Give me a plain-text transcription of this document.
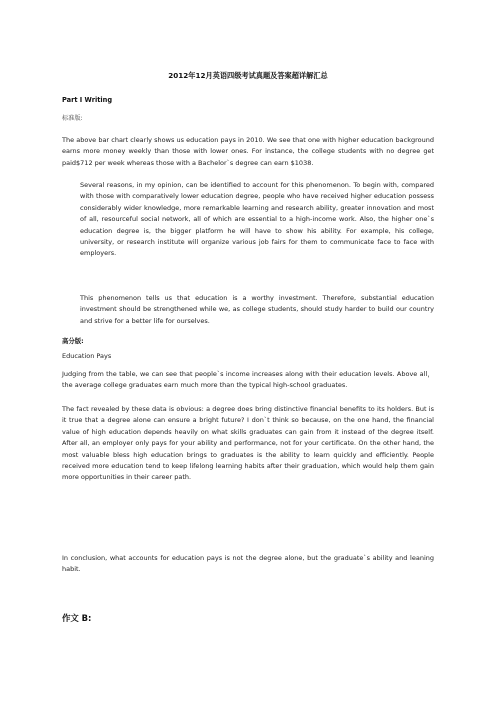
2012年12月英语四级考试真题及答案超详解汇总
Part I Writing
标准版:
The above bar chart clearly shows us education pays in 2010. We see that one with higher education background earns more money weekly than those with lower ones. For instance, the college students with no degree get paid$712 per week whereas those with a Bachelor`s degree can earn $1038.
Several reasons, in my opinion, can be identified to account for this phenomenon. To begin with, compared with those with comparatively lower education degree, people who have received higher education possess considerably wider knowledge, more remarkable learning and research ability, greater innovation and most of all, resourceful social network, all of which are essential to a high-income work. Also, the higher one`s education degree is, the bigger platform he will have to show his ability. For example, his college, university, or research institute will organize various job fairs for them to communicate face to face with employers.
This phenomenon tells us that education is a worthy investment. Therefore, substantial education investment should be strengthened while we, as college students, should study harder to build our country and strive for a better life for ourselves.
高分版:
Education Pays
Judging from the table, we can see that people`s income increases along with their education levels. Above all，the average college graduates earn much more than the typical high-school graduates.
The fact revealed by these data is obvious: a degree does bring distinctive financial benefits to its holders. But is it true that a degree alone can ensure a bright future? I don`t think so because, on the one hand, the financial value of high education depends heavily on what skills graduates can gain from it instead of the degree itself. After all, an employer only pays for your ability and performance, not for your certificate. On the other hand, the most valuable bless high education brings to graduates is the ability to learn quickly and efficiently. People received more education tend to keep lifelong learning habits after their graduation, which would help them gain more opportunities in their career path.
In conclusion, what accounts for education pays is not the degree alone, but the graduate`s ability and leaning habit.
作文 B:
